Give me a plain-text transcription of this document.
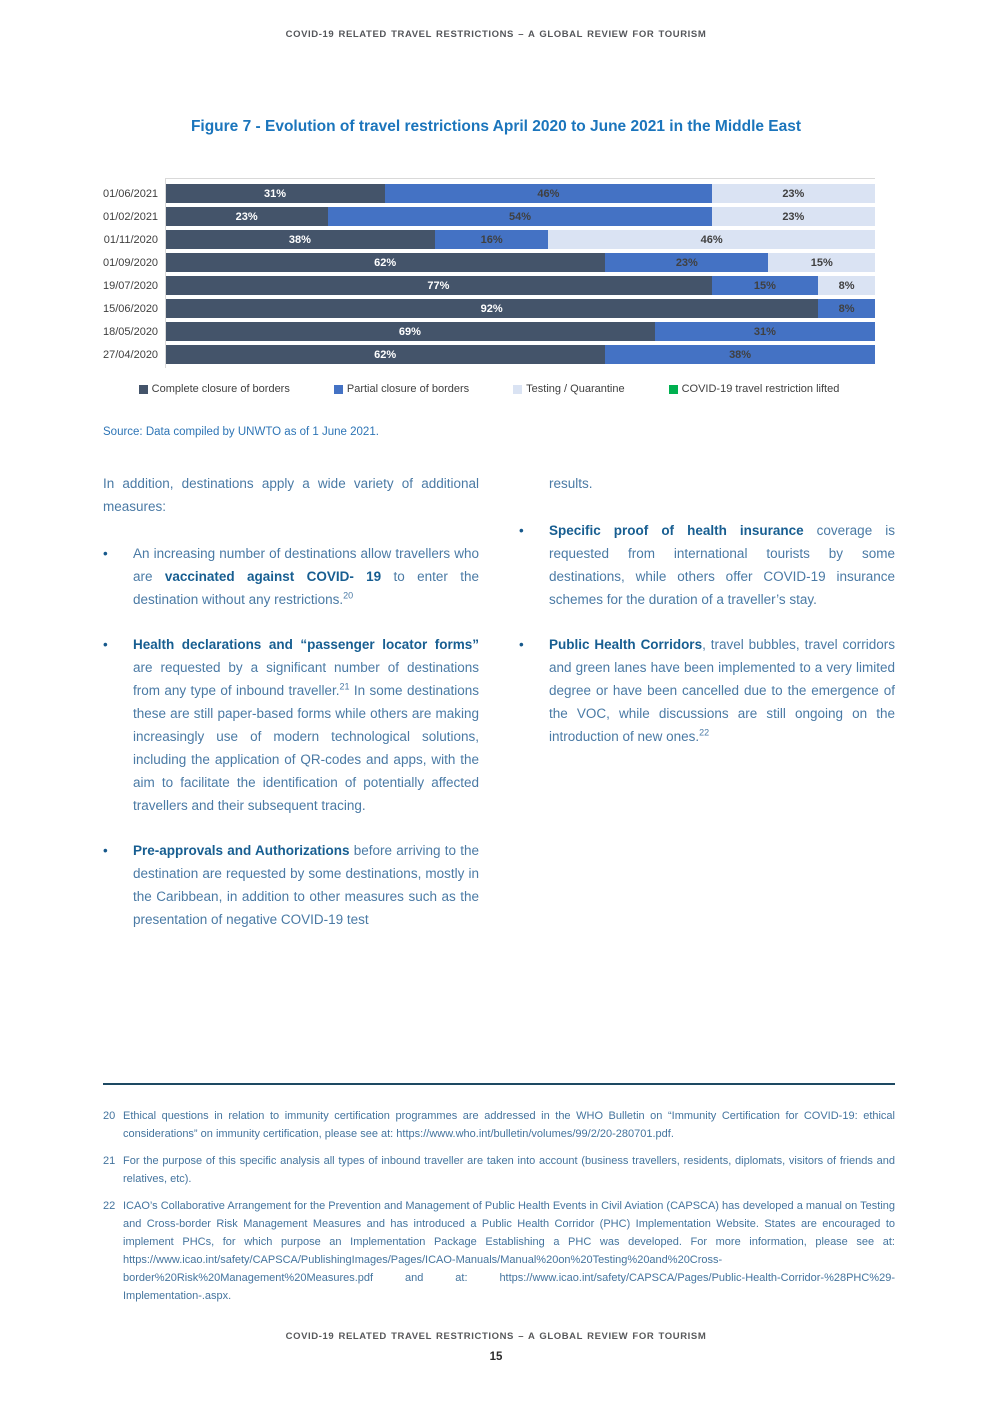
COVID-19 RELATED TRAVEL RESTRICTIONS – A GLOBAL REVIEW FOR TOURISM
Figure 7 - Evolution of travel restrictions April 2020 to June 2021 in the Middle East
01/06/2021	31%	46%	23%
01/02/2021	23%	54%	23%
01/11/2020	38%	16%	46%
01/09/2020	62%	23%	15%
19/07/2020	77%	15%	8%
15/06/2020	92%	8%
18/05/2020	69%	31%
27/04/2020	62%	38%
Complete closure of borders	Partial closure of borders	Testing / Quarantine	COVID-19 travel restriction lifted
Source: Data compiled by UNWTO as of 1 June 2021.

In addition, destinations apply a wide variety of additional measures:

•	An increasing number of destinations allow travellers who are vaccinated against COVID- 19 to enter the destination without any restrictions.$^{20}$
•	Health declarations and “passenger locator forms” are requested by a significant number of destinations from any type of inbound traveller.$^{21}$ In some destinations these are still paper-based forms while others are making increasingly use of modern technological solutions, including the application of QR-codes and apps, with the aim to facilitate the identification of potentially affected travellers and their subsequent tracing.
•	Pre-approvals and Authorizations before arriving to the destination are requested by some destinations, mostly in the Caribbean, in addition to other measures such as the presentation of negative COVID-19 test

results.

•	Specific proof of health insurance coverage is requested from international tourists by some destinations, while others offer COVID-19 insurance schemes for the duration of a traveller’s stay.
•	Public Health Corridors, travel bubbles, travel corridors and green lanes have been implemented to a very limited degree or have been cancelled due to the emergence of the VOC, while discussions are still ongoing on the introduction of new ones.$^{22}$
20 Ethical questions in relation to immunity certification programmes are addressed in the WHO Bulletin on “Immunity Certification for COVID-19: ethical considerations” on immunity certification, please see at: https://www.who.int/bulletin/volumes/99/2/20-280701.pdf.
21 For the purpose of this specific analysis all types of inbound traveller are taken into account (business travellers, residents, diplomats, visitors of friends and relatives, etc).
22 ICAO’s Collaborative Arrangement for the Prevention and Management of Public Health Events in Civil Aviation (CAPSCA) has developed a manual on Testing and Cross-border Risk Management Measures and has introduced a Public Health Corridor (PHC) Implementation Website. States are encouraged to implement PHCs, for which purpose an Implementation Package Establishing a PHC was developed. For more information, please see at: https://www.icao.int/safety/CAPSCA/PublishingImages/Pages/ICAO-Manuals/Manual%20on%20Testing%20and%20Cross-border%20Risk%20Management%20Measures.pdf and at: https://www.icao.int/safety/CAPSCA/Pages/Public-Health-Corridor-%28PHC%29-Implementation-.aspx.
COVID-19 RELATED TRAVEL RESTRICTIONS – A GLOBAL REVIEW FOR TOURISM
15
